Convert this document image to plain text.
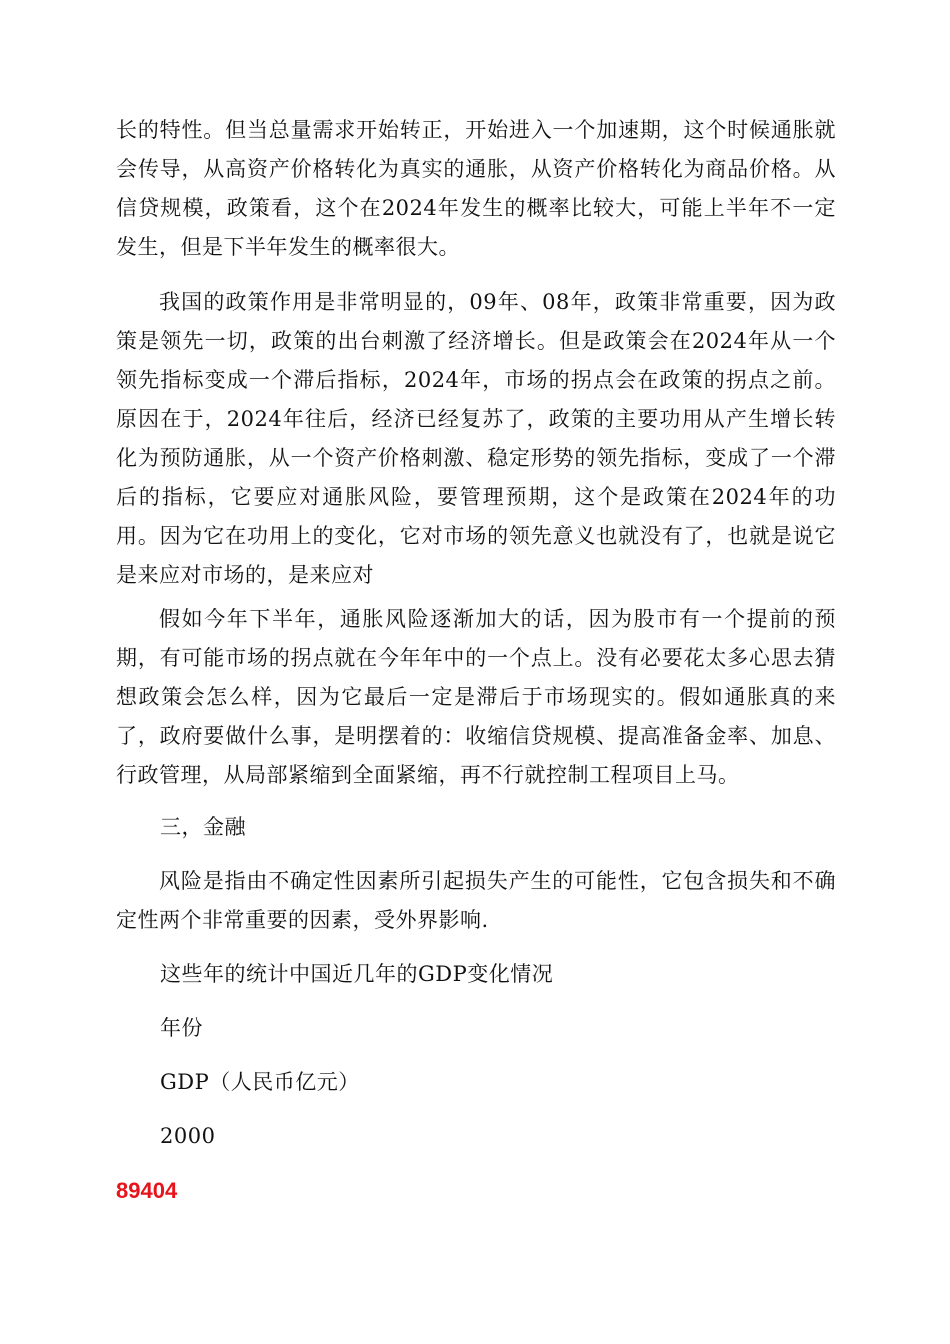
长的特性。但当总量需求开始转正，开始进入一个加速期，这个时候通胀就会传导，从高资产价格转化为真实的通胀，从资产价格转化为商品价格。从信贷规模，政策看，这个在2024年发生的概率比较大，可能上半年不一定发生，但是下半年发生的概率很大。

我国的政策作用是非常明显的，09年、08年，政策非常重要，因为政策是领先一切，政策的出台刺激了经济增长。但是政策会在2024年从一个领先指标变成一个滞后指标，2024年，市场的拐点会在政策的拐点之前。原因在于，2024年往后，经济已经复苏了，政策的主要功用从产生增长转化为预防通胀，从一个资产价格刺激、稳定形势的领先指标，变成了一个滞后的指标，它要应对通胀风险，要管理预期，这个是政策在2024年的功用。因为它在功用上的变化，它对市场的领先意义也就没有了，也就是说它是来应对市场的，是来应对

假如今年下半年，通胀风险逐渐加大的话，因为股市有一个提前的预期，有可能市场的拐点就在今年年中的一个点上。没有必要花太多心思去猜想政策会怎么样，因为它最后一定是滞后于市场现实的。假如通胀真的来了，政府要做什么事，是明摆着的：收缩信贷规模、提高准备金率、加息、行政管理，从局部紧缩到全面紧缩，再不行就控制工程项目上马。

三，金融

风险是指由不确定性因素所引起损失产生的可能性，它包含损失和不确定性两个非常重要的因素，受外界影响.

这些年的统计中国近几年的GDP变化情况

年份

GDP（人民币亿元）

2000

89404
